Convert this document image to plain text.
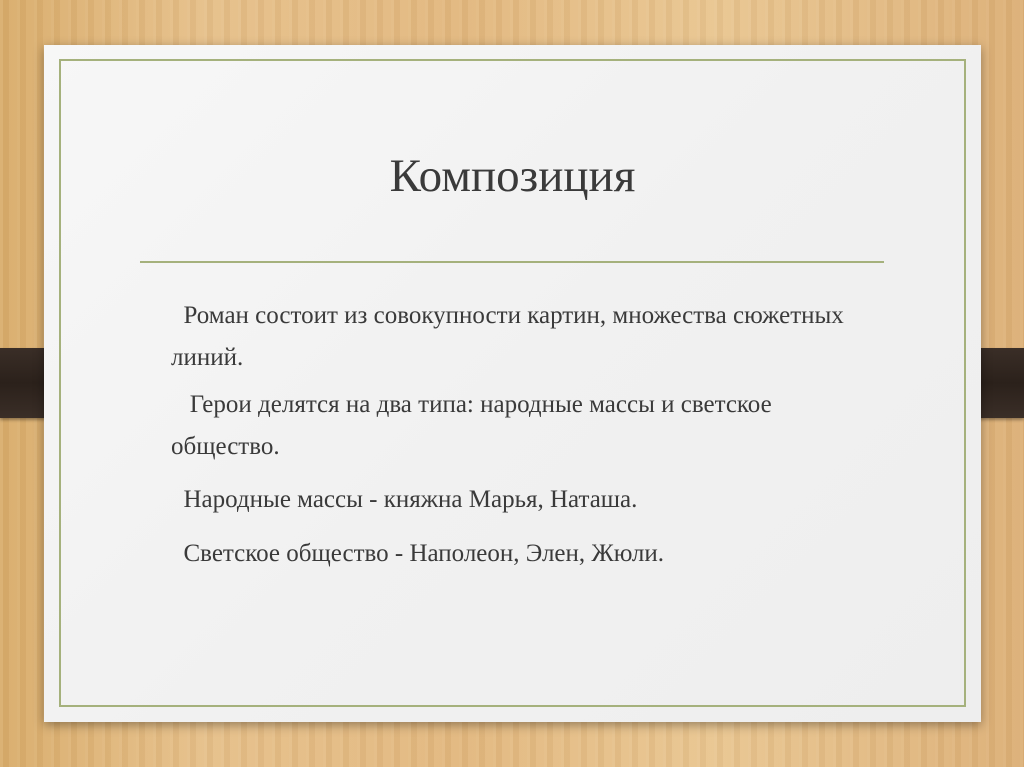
Композиция
Роман состоит из совокупности картин, множества сюжетных линий.
Герои делятся на два типа: народные массы и светское общество.
Народные массы - княжна Марья, Наташа.
Светское общество - Наполеон, Элен, Жюли.
